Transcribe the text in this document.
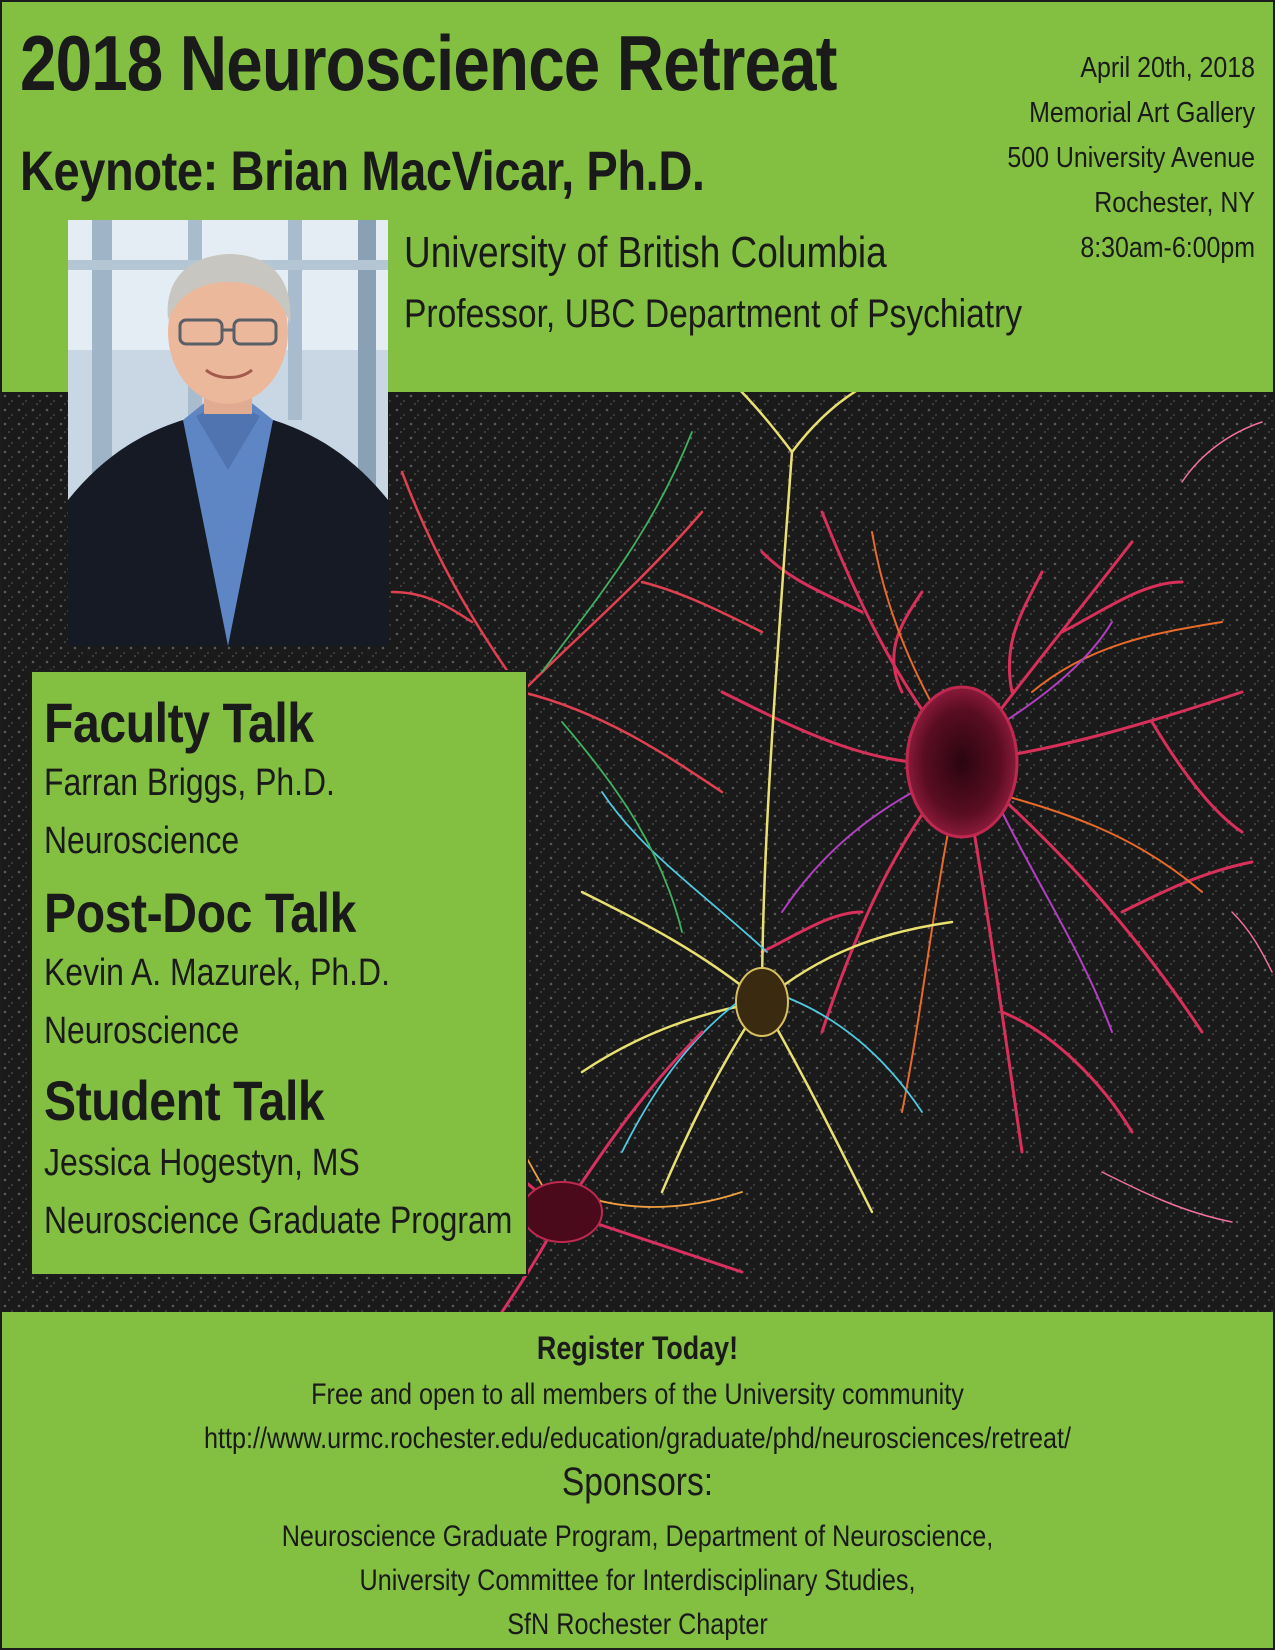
2018 Neuroscience Retreat
Keynote: Brian MacVicar, Ph.D.
April 20th, 2018
Memorial Art Gallery
500 University Avenue
Rochester, NY
8:30am-6:00pm
University of British Columbia
Professor, UBC Department of Psychiatry
Faculty Talk
Farran Briggs, Ph.D.
Neuroscience
Post-Doc Talk
Kevin A. Mazurek, Ph.D.
Neuroscience
Student Talk
Jessica Hogestyn, MS
Neuroscience Graduate Program
Register Today!
Free and open to all members of the University community
http://www.urmc.rochester.edu/education/graduate/phd/neurosciences/retreat/
Sponsors:
Neuroscience Graduate Program, Department of Neuroscience,
University Committee for Interdisciplinary Studies,
SfN Rochester Chapter
